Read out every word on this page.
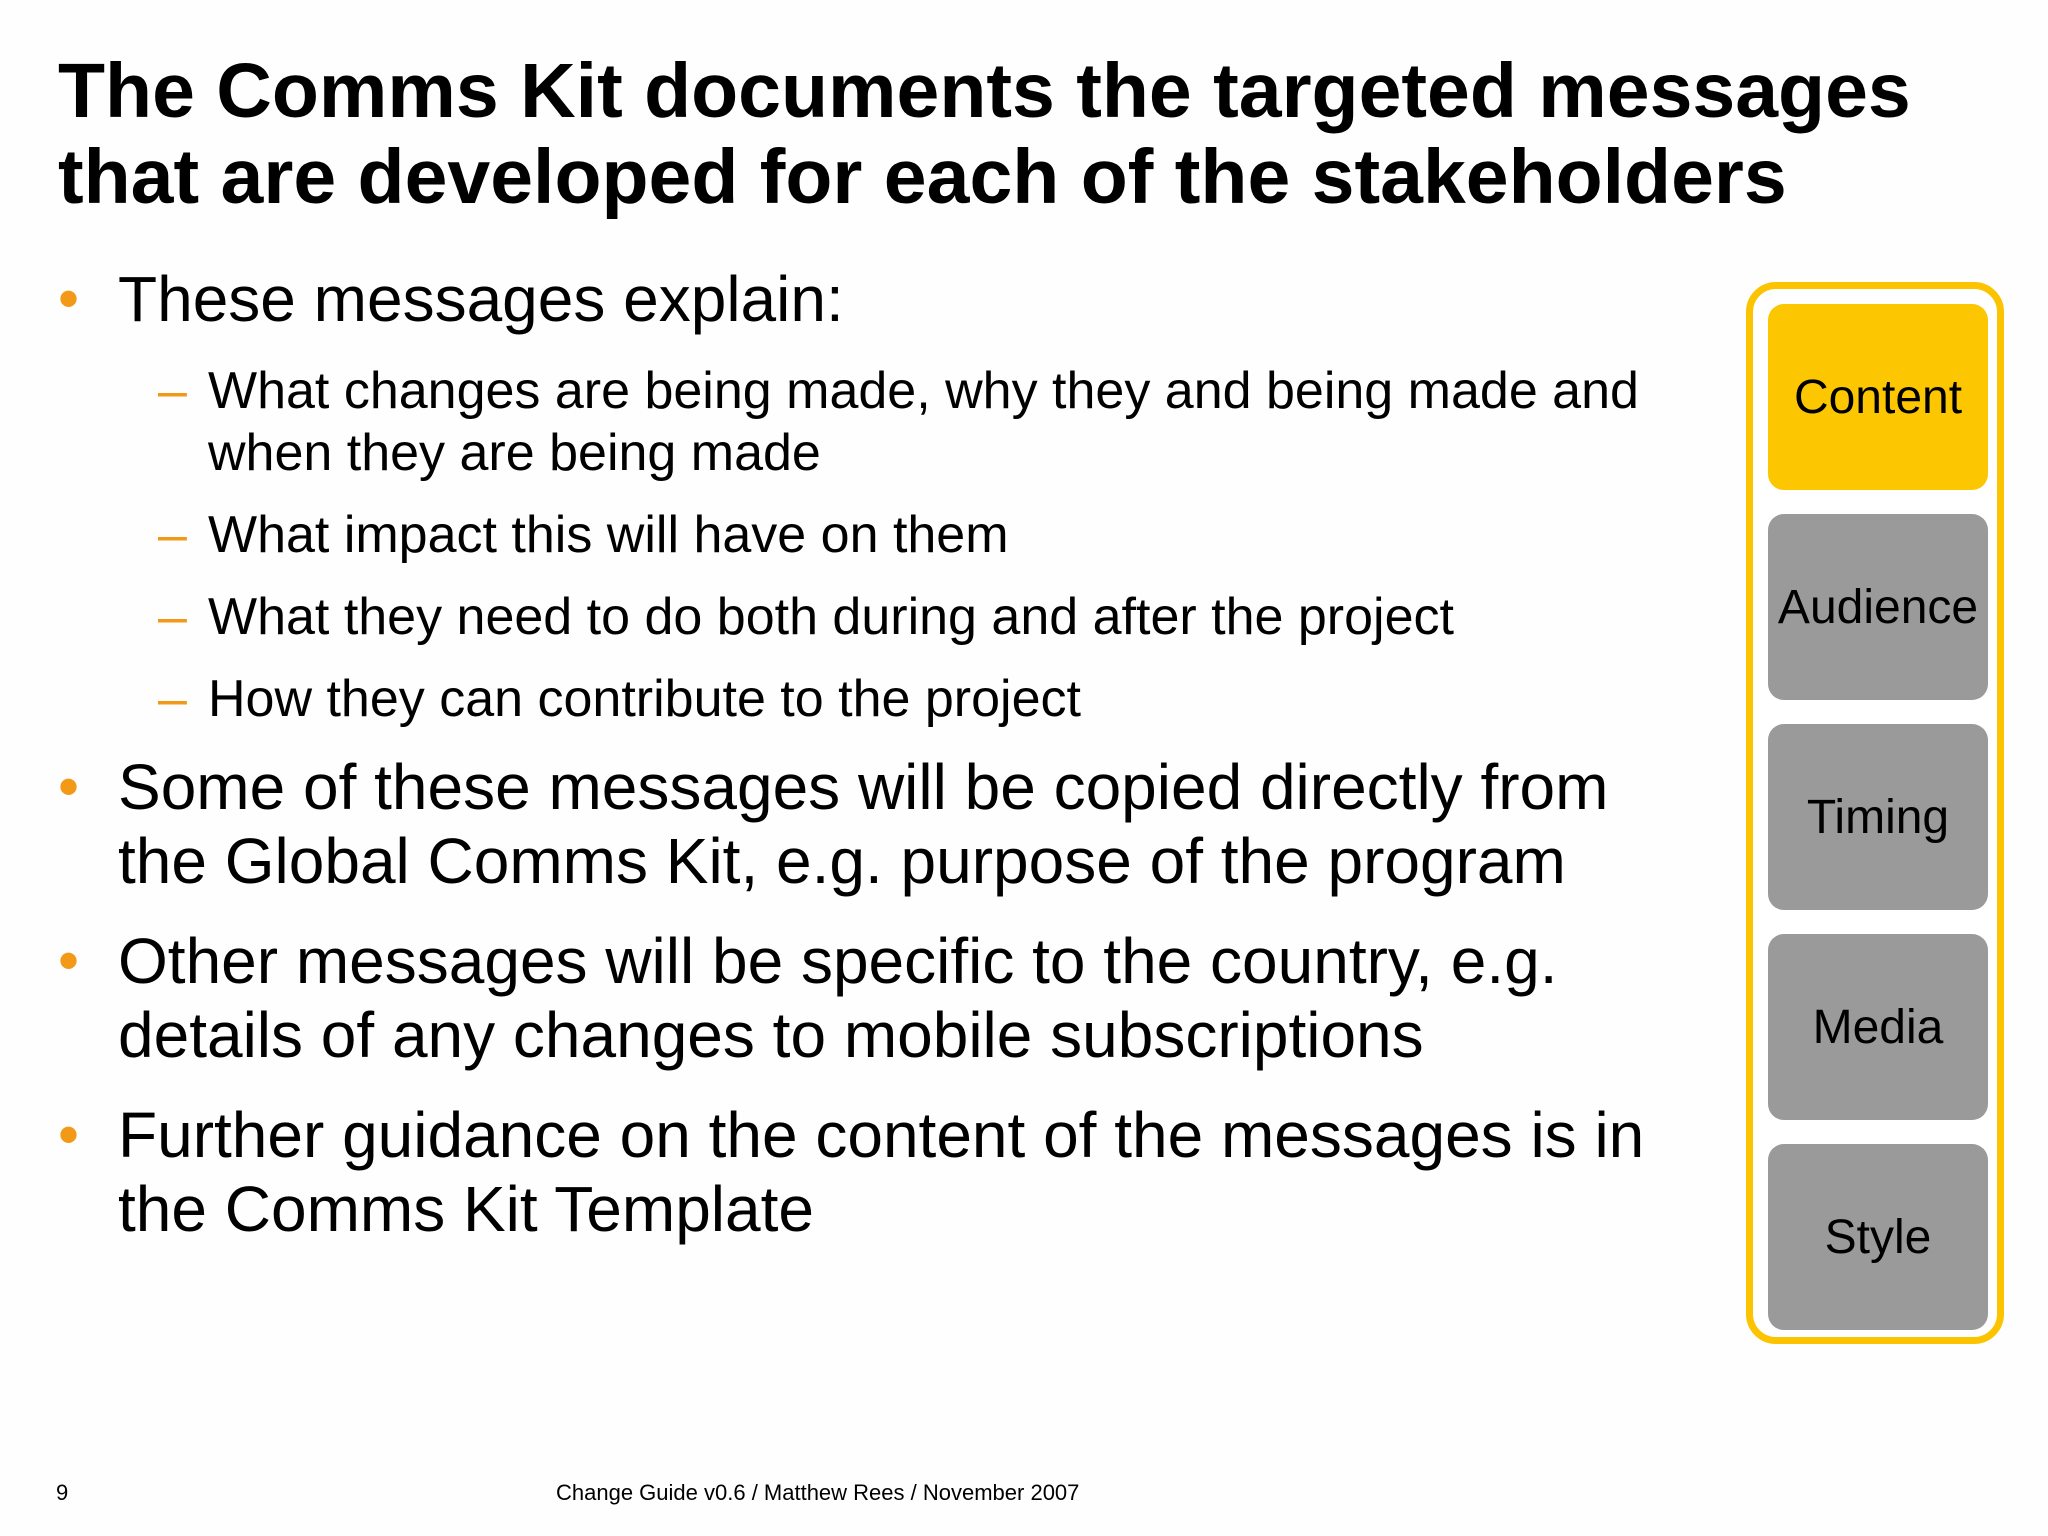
The Comms Kit documents the targeted messages that are developed for each of the stakeholders
• These messages explain:
– What changes are being made, why they and being made and when they are being made
– What impact this will have on them
– What they need to do both during and after the project
– How they can contribute to the project
• Some of these messages will be copied directly from the Global Comms Kit, e.g. purpose of the program
• Other messages will be specific to the country, e.g. details of any changes to mobile subscriptions
• Further guidance on the content of the messages is in the Comms Kit Template
Content
Audience
Timing
Media
Style
9	Change Guide v0.6 / Matthew Rees / November 2007
